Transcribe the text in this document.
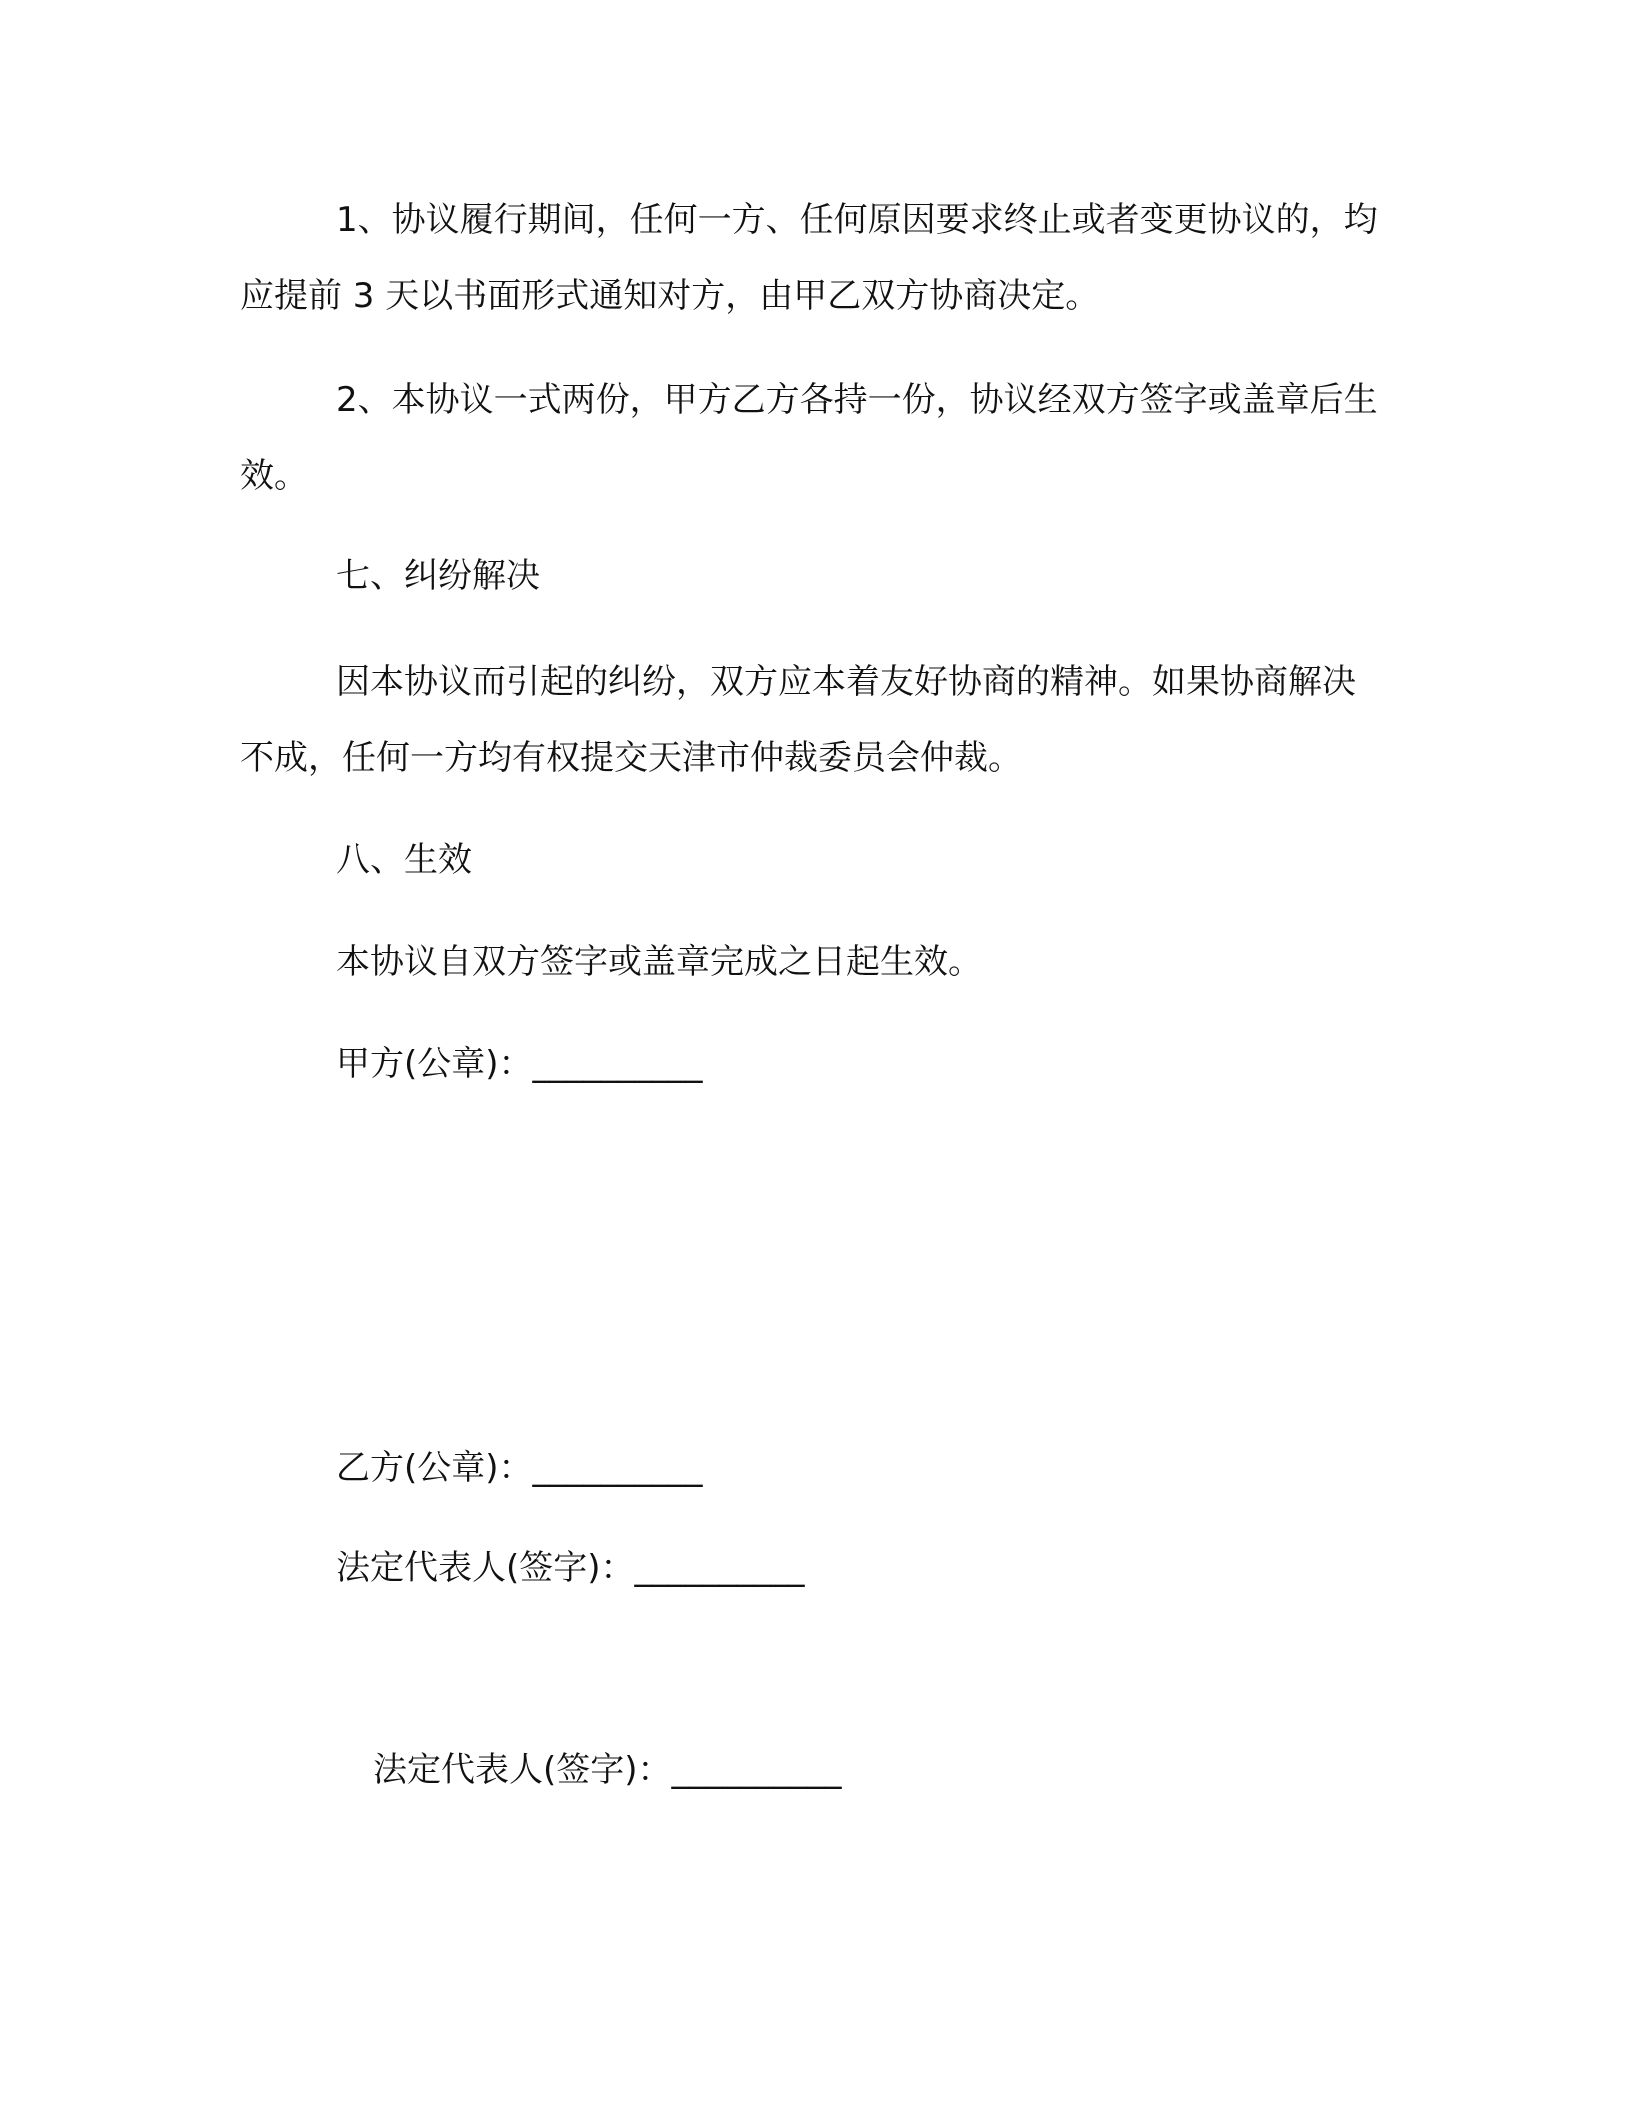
1、协议履行期间，任何一方、任何原因要求终止或者变更协议的，均应提前 3 天以书面形式通知对方，由甲乙双方协商决定。

2、本协议一式两份，甲方乙方各持一份，协议经双方签字或盖章后生效。

七、纠纷解决

因本协议而引起的纠纷，双方应本着友好协商的精神。如果协商解决不成，任何一方均有权提交天津市仲裁委员会仲裁。

八、生效

本协议自双方签字或盖章完成之日起生效。

甲方(公章)：__________

乙方(公章)：__________

法定代表人(签字)：__________

法定代表人(签字)：__________
